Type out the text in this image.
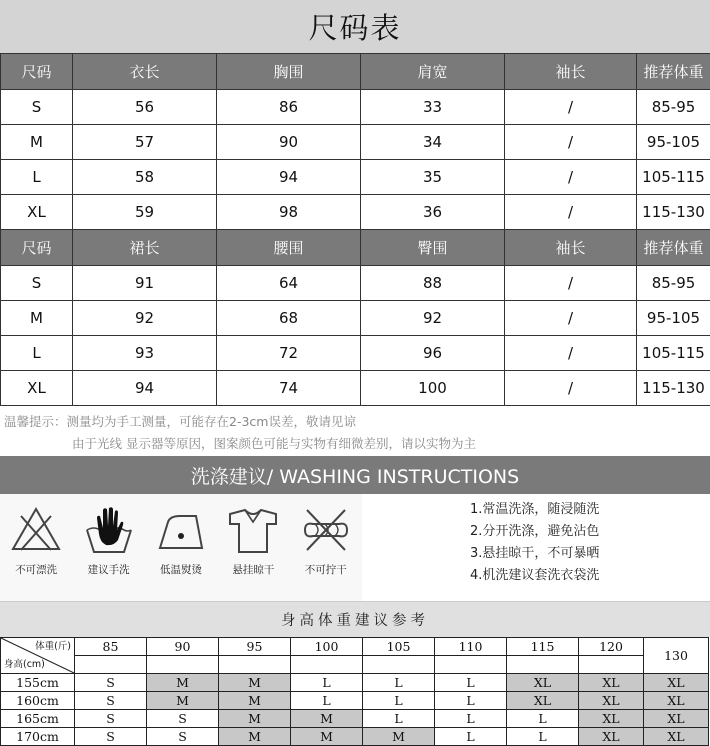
尺码表
尺码	衣长	胸围	肩宽	袖长	推荐体重
S	56	86	33	/	85-95
M	57	90	34	/	95-105
L	58	94	35	/	105-115
XL	59	98	36	/	115-130
尺码	裙长	腰围	臀围	袖长	推荐体重
S	91	64	88	/	85-95
M	92	68	92	/	95-105
L	93	72	96	/	105-115
XL	94	74	100	/	115-130
温馨提示：测量均为手工测量，可能存在2-3cm误差，敬请见谅
由于光线 显示器等原因，图案颜色可能与实物有细微差别，请以实物为主
洗涤建议/ WASHING INSTRUCTIONS
不可漂洗	建议手洗	低温熨烫	悬挂晾干	不可拧干
1.常温洗涤，随浸随洗
2.分开洗涤，避免沾色
3.悬挂晾干，不可暴晒
4.机洗建议套洗衣袋洗
身高体重建议参考
体重(斤)
身高(cm)	85	90	95	100	105	110	115	120	130

155cm	S	M	M	L	L	L	XL	XL	XL
160cm	S	M	M	L	L	L	XL	XL	XL
165cm	S	S	M	M	L	L	L	XL	XL
170cm	S	S	M	M	M	L	L	XL	XL
